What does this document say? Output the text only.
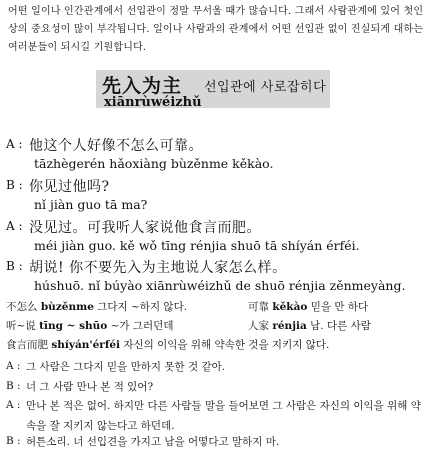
어떤 일이나 인간관계에서 선입관이 정말 무서울 때가 많습니다. 그래서 사람관계에 있어 첫인상의 중요성이 많이 부각됩니다. 일이나 사람과의 관계에서 어떤 선입관 없이 진실되게 대하는 여러분들이 되시길 기원합니다.
先入为主 선입관에 사로잡히다
xiānrùwéizhǔ
A : 他这个人好像不怎么可靠。
tāzhègerén hǎoxiàng bùzěnme kěkào.
B : 你见过他吗?
nǐ jiàn guo tā ma?
A : 没见过。可我听人家说他食言而肥。
méi jiàn guo. kě wǒ tīng rénjia shuō tā shíyán érféi.
B : 胡说! 你不要先入为主地说人家怎么样。
húshuō. nǐ búyào xiānrùwéizhǔ de shuō rénjia zěnmeyàng.
不怎么 bùzěnme 그다지 ~하지 않다.	可靠 kěkào 믿을 만 하다
听~说 tīng ~ shūo ~가 그러던데	人家 rénjia 남. 다른 사람
食言而肥 shíyán'érféi 자신의 이익을 위해 약속한 것을 지키지 않다.
A : 그 사람은 그다지 믿을 만하지 못한 것 같아.
B : 너 그 사람 만나 본 적 있어?
A : 만나 본 적은 없어. 하지만 다른 사람들 말을 들어보면 그 사람은 자신의 이익을 위해 약속을 잘 지키지 않는다고 하던데.
B : 허튼소리. 너 선입견을 가지고 남을 어떻다고 말하지 마.
